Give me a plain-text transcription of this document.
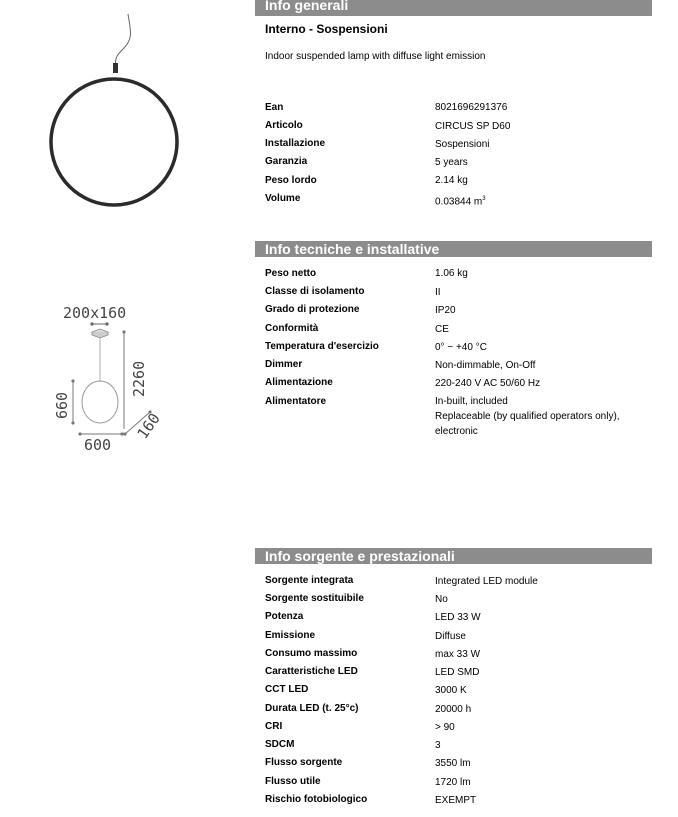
200x160
2260
660
600
160
Info generali
Interno - Sospensioni
Indoor suspended lamp with diffuse light emission
Ean	8021696291376
Articolo	CIRCUS SP D60
Installazione	Sospensioni
Garanzia	5 years
Peso lordo	2.14 kg
Volume	0.03844 $m^3$
Info tecniche e installative
Peso netto	1.06 kg
Classe di isolamento	II
Grado di protezione	IP20
Conformità	CE
Temperatura d'esercizio	0° ~ +40 °C
Dimmer	Non-dimmable, On-Off
Alimentazione	220-240 V AC 50/60 Hz
Alimentatore	In-built, included
Replaceable (by qualified operators only),
electronic
Info sorgente e prestazionali
Sorgente integrata	Integrated LED module
Sorgente sostituibile	No
Potenza	LED 33 W
Emissione	Diffuse
Consumo massimo	max 33 W
Caratteristiche LED	LED SMD
CCT LED	3000 K
Durata LED (t. 25°c)	20000 h
CRI	> 90
SDCM	3
Flusso sorgente	3550 lm
Flusso utile	1720 lm
Rischio fotobiologico	EXEMPT
